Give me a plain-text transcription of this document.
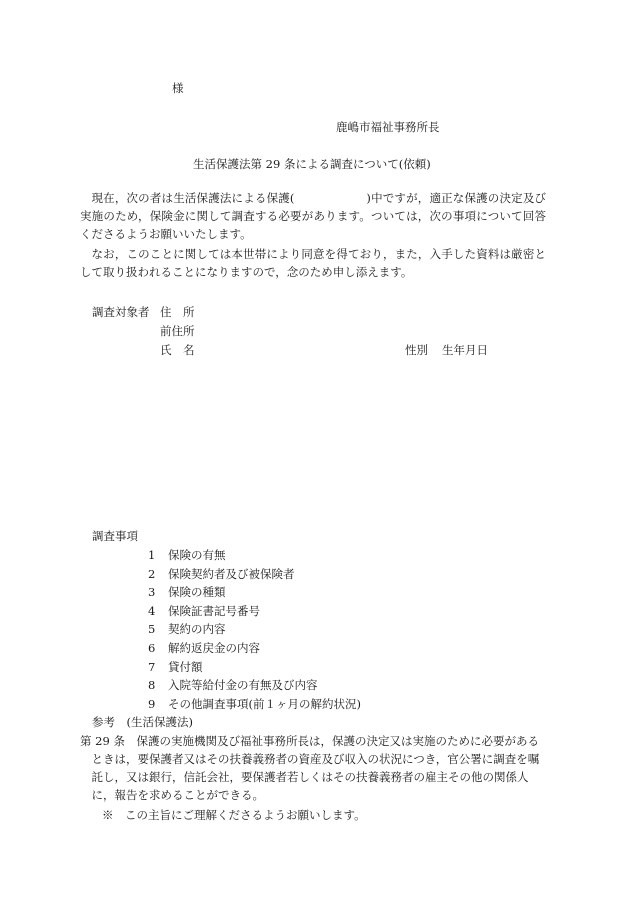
様
鹿嶋市福祉事務所長
生活保護法第 29 条による調査について(依頼)
現在，次の者は生活保護法による保護(	)中ですが，適正な保護の決定及び実施のため，保険金に関して調査する必要があります。ついては，次の事項について回答くださるようお願いいたします。
なお，このことに関しては本世帯により同意を得ており，また，入手した資料は厳密として取り扱われることになりますので，念のため申し添えます。
調査対象者 住　所
前住所
氏　名	性別 生年月日
調査事項
1 保険の有無
2 保険契約者及び被保険者
3 保険の種類
4 保険証書記号番号
5 契約の内容
6 解約返戻金の内容
7 貸付額
8 入院等給付金の有無及び内容
9 その他調査事項(前１ヶ月の解約状況)
参考　(生活保護法)
第 29 条　 保護の実施機関及び福祉事務所長は，保護の決定又は実施のために必要があるときは，要保護者又はその扶養義務者の資産及び収入の状況につき，官公署に調査を嘱託し，又は銀行，信託会社，要保護者若しくはその扶養義務者の雇主その他の関係人に，報告を求めることができる。
※　 この主旨にご理解くださるようお願いします。
